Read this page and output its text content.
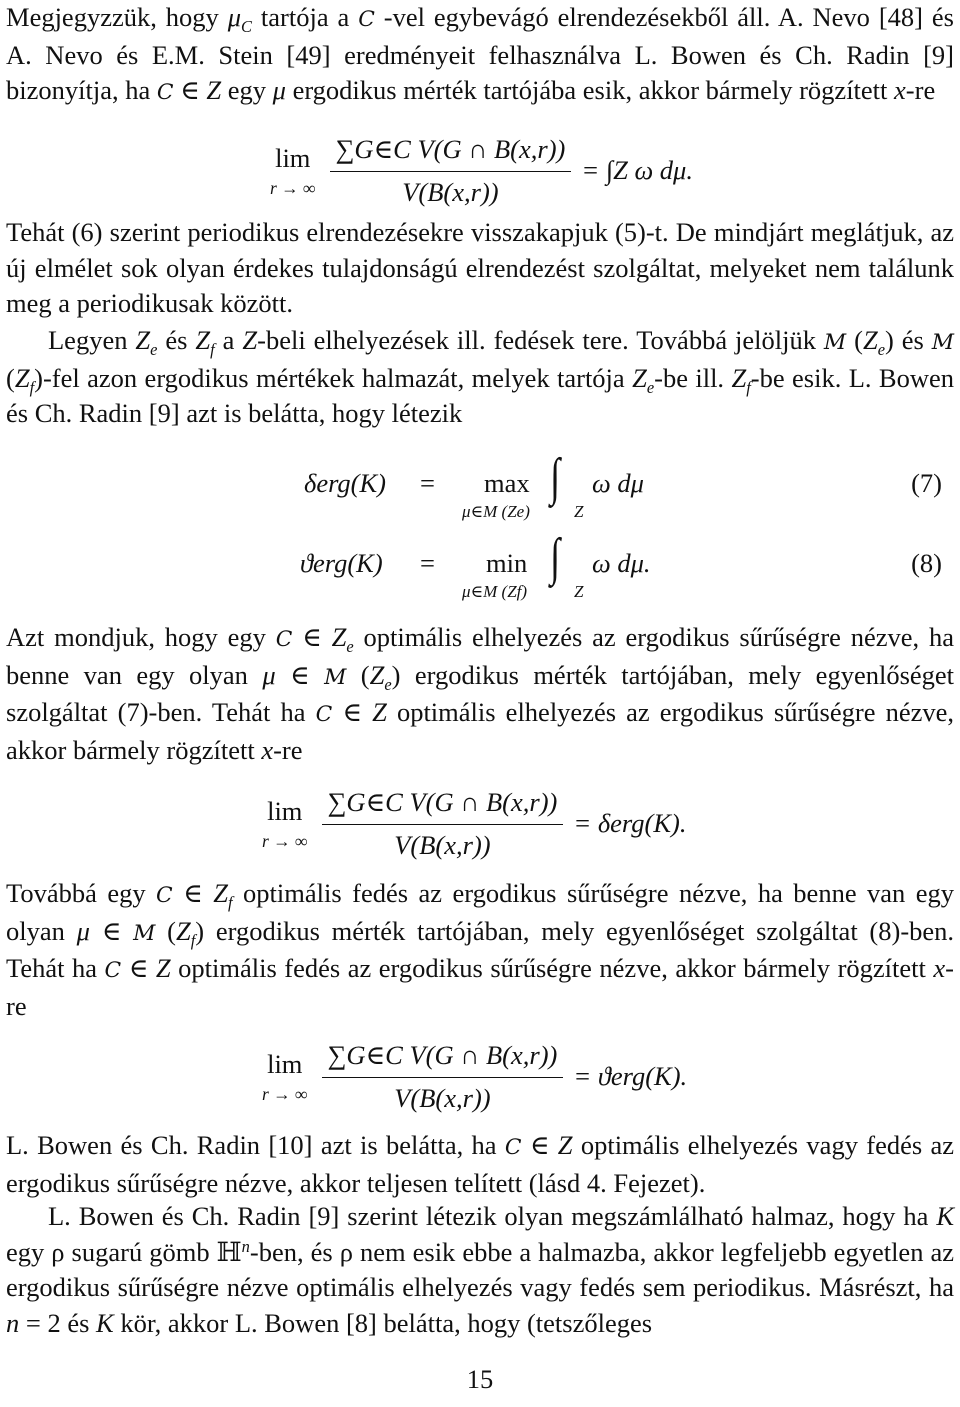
Megjegyzzük, hogy $\mu_C$ tartója a C -vel egybevágó elrendezésekből áll. A. Nevo [48] és A. Nevo és E.M. Stein [49] eredményeit felhasználva L. Bowen és Ch. Radin [9] bizonyítja, ha C ∈ Z egy μ ergodikus mérték tartójába esik, akkor bármely rögzített x-re

lim
r → ∞ $\frac{\text{∑G∈C V(G ∩ B(x,r))}}{V(B(x,r))} = \int Z$ ω dμ.

Tehát (6) szerint periodikus elrendezésekre visszakapjuk (5)-t. De mindjárt meglátjuk, az új elmélet sok olyan érdekes tulajdonságú elrendezést szolgáltat, melyeket nem találunk meg a periodikusak között.

Legyen $Z_e$ és $Z_f$ a Z-beli elhelyezések ill. fedések tere. Továbbá jelöljük M $(Z_e)$ és M $(Z_f)$-fel azon ergodikus mértékek halmazát, melyek tartója $Z_e-be$ ill. $Z_f-be$ esik. L. Bowen és Ch. Radin [9] azt is belátta, hogy létezik

δerg(K) = max
μ∈M (Ze)
∫
Z
ω dμ	(7)
ϑerg(K) = min
μ∈M (Zf)
∫
Z
ω dμ.	(8)

Azt mondjuk, hogy egy C ∈ $Z_e$ optimális elhelyezés az ergodikus sűrűségre nézve, ha benne van egy olyan μ ∈ M $(Z_e)$ ergodikus mérték tartójában, mely egyenlőséget szolgáltat (7)-ben. Tehát ha C ∈ Z optimális elhelyezés az ergodikus sűrűségre nézve, akkor bármely rögzített x-re

lim
r → ∞ $\frac{\text{∑G∈C V(G ∩ B(x,r))}}{V(B(x,r))} = \delta erg(K)$.

Továbbá egy C ∈ $Z_f$ optimális fedés az ergodikus sűrűségre nézve, ha benne van egy olyan μ ∈ M $(Z_f)$ ergodikus mérték tartójában, mely egyenlőséget szolgáltat (8)-ben. Tehát ha C ∈ Z optimális fedés az ergodikus sűrűségre nézve, akkor bármely rögzített x-re

lim
r → ∞ $\frac{\text{∑G∈C V(G ∩ B(x,r))}}{V(B(x,r))} = ϑerg(K)$.

L. Bowen és Ch. Radin [10] azt is belátta, ha C ∈ Z optimális elhelyezés vagy fedés az ergodikus sűrűségre nézve, akkor teljesen telített (lásd 4. Fejezet).

L. Bowen és Ch. Radin [9] szerint létezik olyan megszámlálható halmaz, hogy ha K egy ρ sugarú gömb ℍ$^n$-ben, és ρ nem esik ebbe a halmazba, akkor legfeljebb egyetlen az ergodikus sűrűségre nézve optimális elhelyezés vagy fedés sem periodikus. Másrészt, ha n = 2 és K kör, akkor L. Bowen [8] belátta, hogy (tetszőleges

15
